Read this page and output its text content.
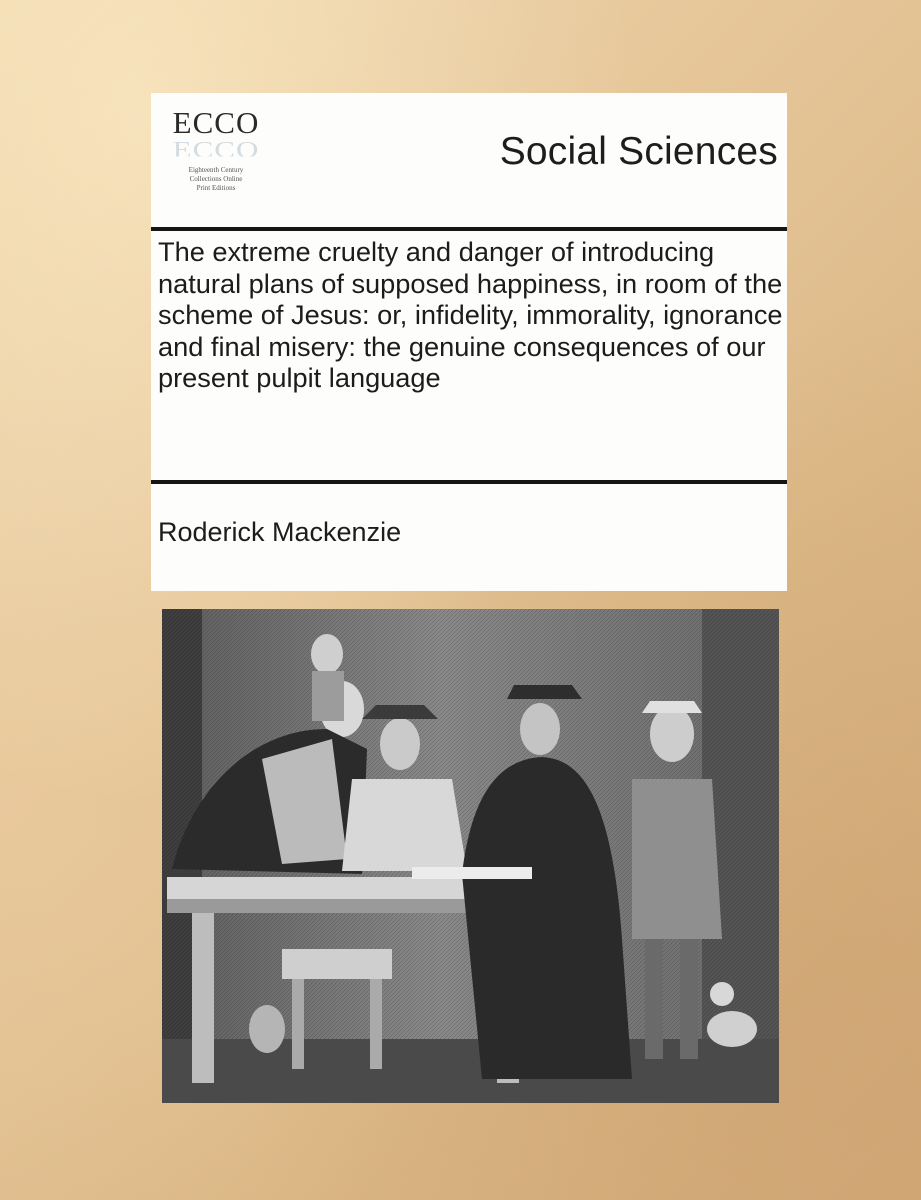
ECCO
ECCO
Eighteenth Century
Collections Online
Print Editions
Social Sciences
The extreme cruelty and danger of introducing natural plans of supposed happiness, in room of the scheme of Jesus: or, infidelity, immorality, ignorance and final misery: the genuine consequences of our present pulpit language
Roderick Mackenzie
